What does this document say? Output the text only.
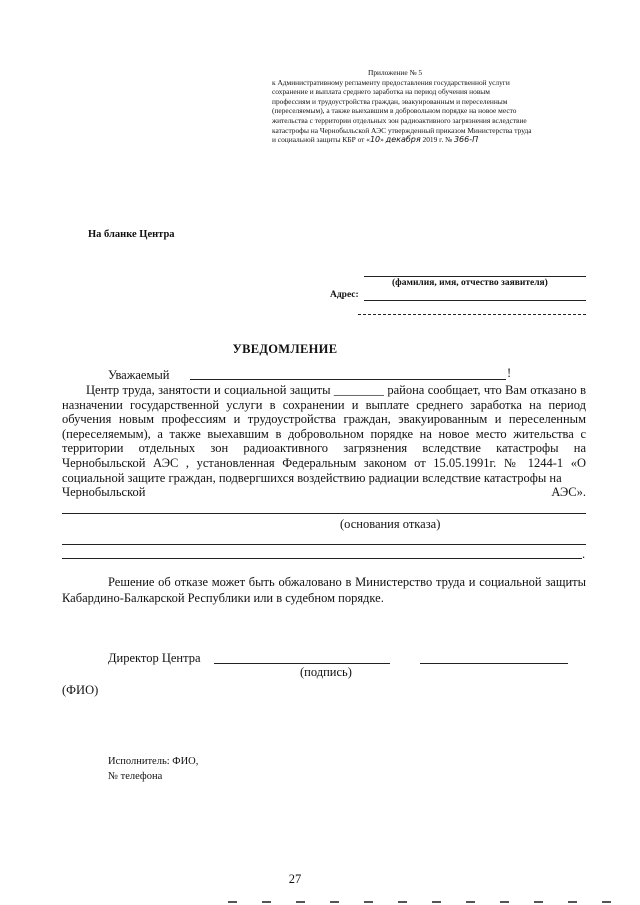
Приложение № 5
к Административному регламенту предоставления государственной услуги
сохранение и выплата среднего заработка на период обучения новым
профессиям и трудоустройства граждан, эвакуированным и переселенным
(переселяемым), а также выехавшим в добровольном порядке на новое место
жительства с территории отдельных зон радиоактивного загрязнения вследствие
катастрофы на Чернобыльской АЭС утвержденный приказом Министерства труда
и социальной защиты КБР от «10» декабря 2019 г. № 366-П
На бланке Центра
(фамилия, имя, отчество заявителя)
Адрес:
УВЕДОМЛЕНИЕ
Уважаемый	!

Центр труда, занятости и социальной защиты ________ района сообщает, что Вам отказано в назначении государственной услуги в сохранении и выплате среднего заработка на период обучения новым профессиям и трудоустройства граждан, эвакуированным и переселенным (переселяемым), а также выехавшим в добровольном порядке на новое место жительства с территории отдельных зон радиоактивного загрязнения вследствие катастрофы на Чернобыльской АЭС , установленная Федеральным законом от 15.05.1991г. № 1244-1 «О социальной защите граждан, подвергшихся воздействию радиации вследствие катастрофы на

Чернобыльской	АЭС».
(основания отказа)
.
Решение об отказе может быть обжаловано в Министерство труда и социальной защиты Кабардино-Балкарской Республики или в судебном порядке.
Директор Центра
(подпись)
(ФИО)
Исполнитель: ФИО,
№ телефона
27
